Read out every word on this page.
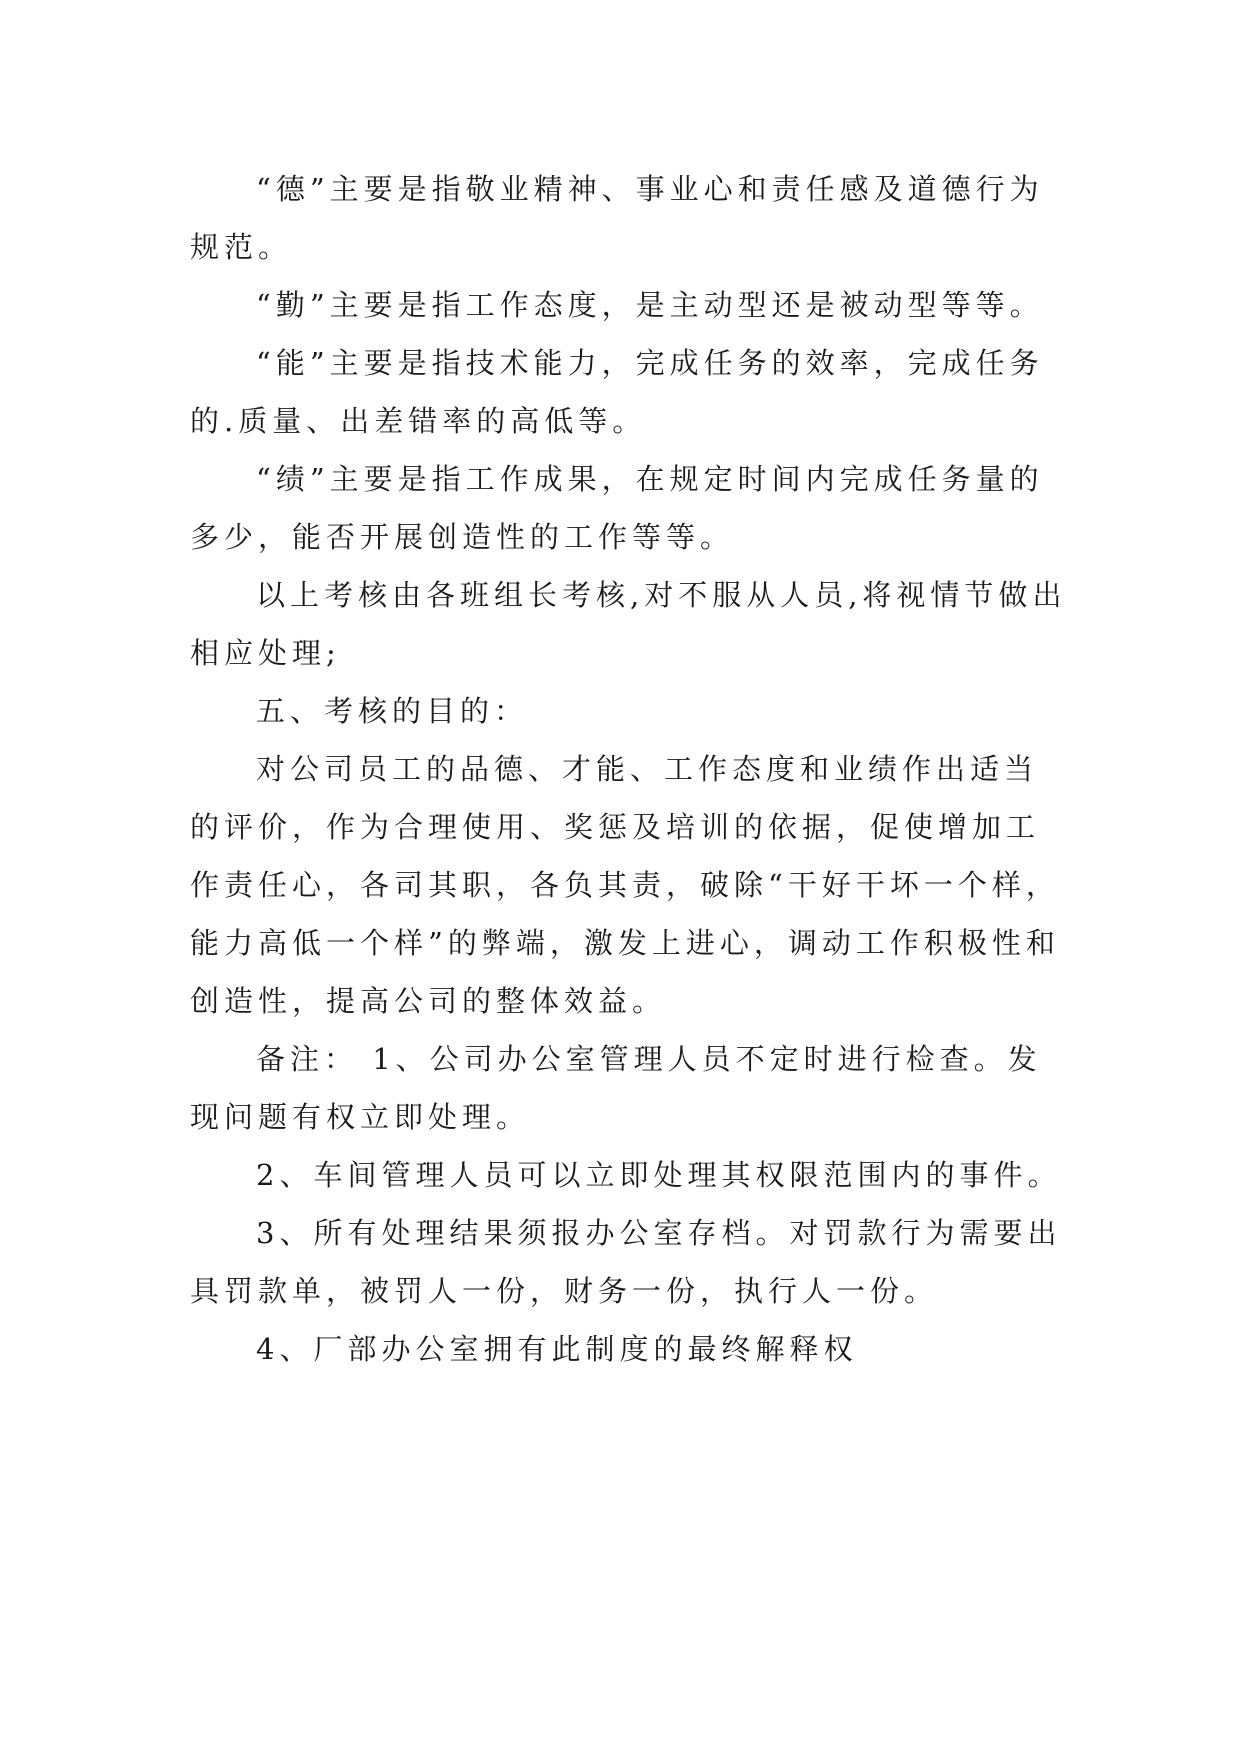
“德”主要是指敬业精神、事业心和责任感及道德行为规范。

“勤”主要是指工作态度，是主动型还是被动型等等。

“能”主要是指技术能力，完成任务的效率，完成任务的.质量、出差错率的高低等。

“绩”主要是指工作成果，在规定时间内完成任务量的多少，能否开展创造性的工作等等。

以上考核由各班组长考核,对不服从人员,将视情节做出相应处理;

五、考核的目的：

对公司员工的品德、才能、工作态度和业绩作出适当的评价，作为合理使用、奖惩及培训的依据，促使增加工作责任心，各司其职，各负其责，破除“干好干坏一个样，能力高低一个样”的弊端，激发上进心，调动工作积极性和创造性，提高公司的整体效益。

备注： 1、公司办公室管理人员不定时进行检查。发现问题有权立即处理。

2、车间管理人员可以立即处理其权限范围内的事件。

3、所有处理结果须报办公室存档。对罚款行为需要出具罚款单，被罚人一份，财务一份，执行人一份。

4、厂部办公室拥有此制度的最终解释权
